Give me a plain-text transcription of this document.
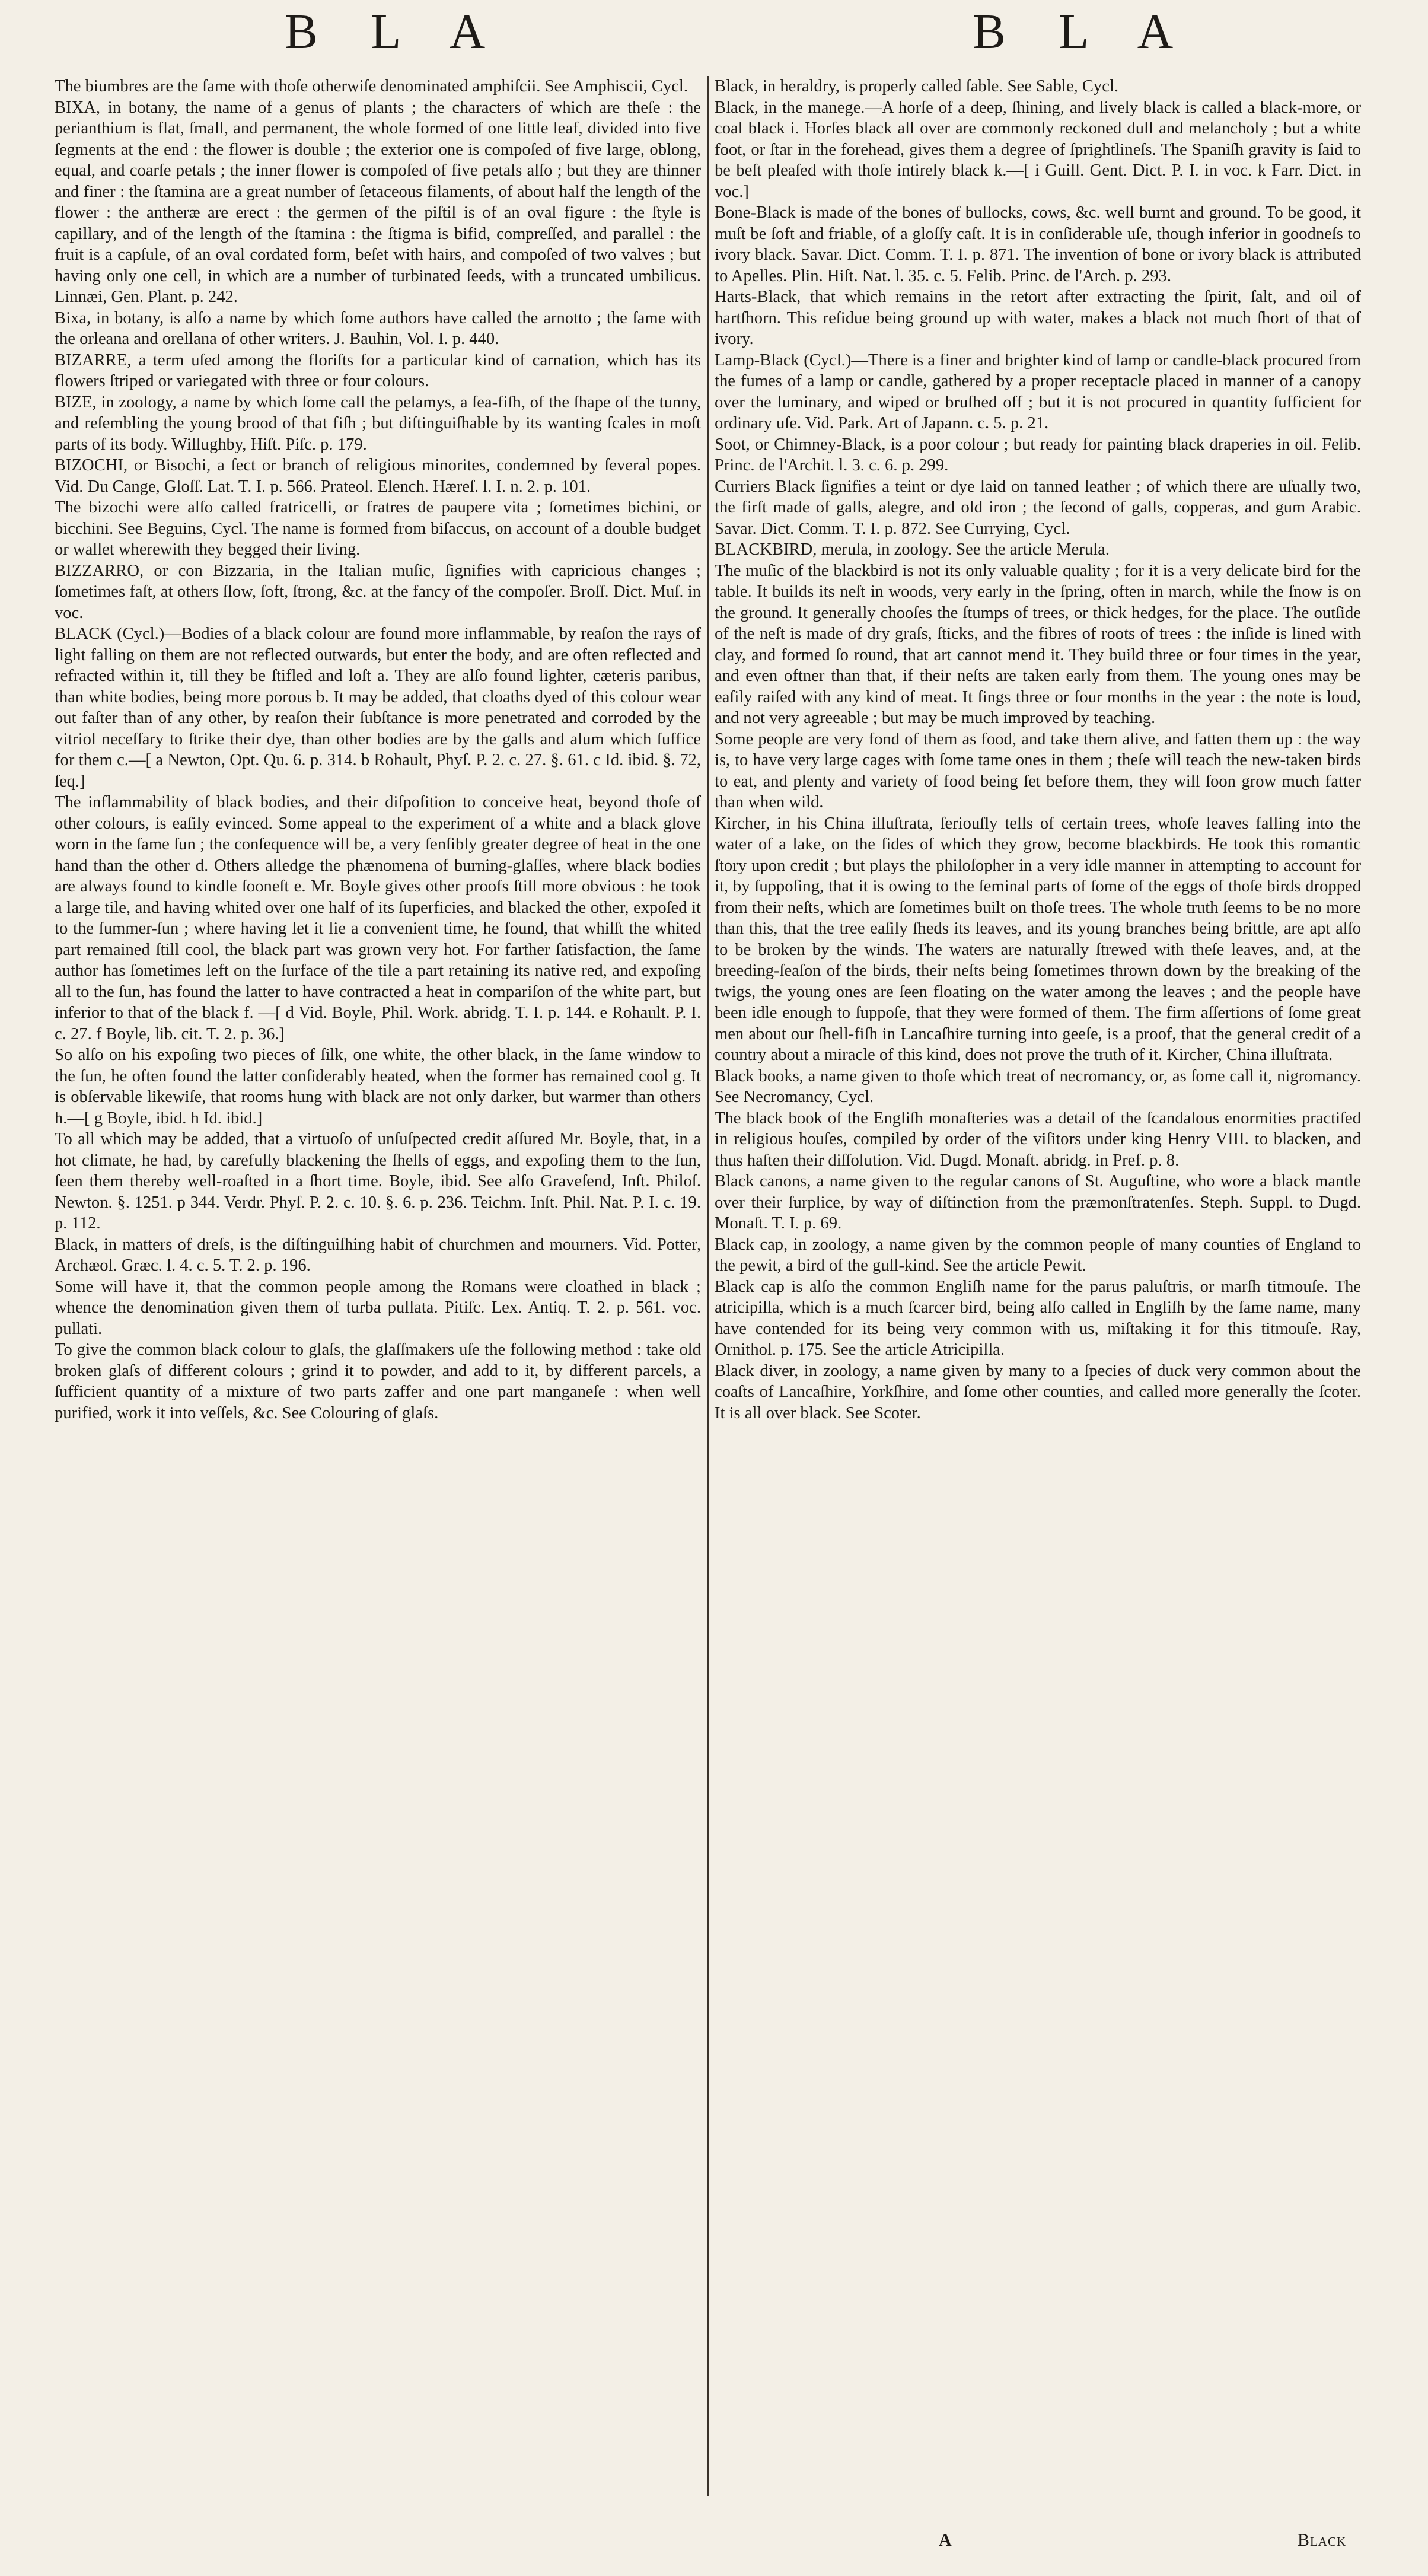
B L A	B L A

The biumbres are the ſame with thoſe otherwiſe denominated amphiſcii. See Amphiscii, Cycl.

BIXA, in botany, the name of a genus of plants ; the characters of which are theſe : the perianthium is flat, ſmall, and permanent, the whole formed of one little leaf, divided into five ſegments at the end : the flower is double ; the exterior one is compoſed of five large, oblong, equal, and coarſe petals ; the inner flower is compoſed of five petals alſo ; but they are thinner and finer : the ſtamina are a great number of ſetaceous filaments, of about half the length of the flower : the antheræ are erect : the germen of the piſtil is of an oval figure : the ſtyle is capillary, and of the length of the ſtamina : the ſtigma is bifid, compreſſed, and parallel : the fruit is a capſule, of an oval cordated form, beſet with hairs, and compoſed of two valves ; but having only one cell, in which are a number of turbinated ſeeds, with a truncated umbilicus. Linnæi, Gen. Plant. p. 242.

Bixa, in botany, is alſo a name by which ſome authors have called the arnotto ; the ſame with the orleana and orellana of other writers. J. Bauhin, Vol. I. p. 440.

BIZARRE, a term uſed among the floriſts for a particular kind of carnation, which has its flowers ſtriped or variegated with three or four colours.

BIZE, in zoology, a name by which ſome call the pelamys, a ſea-fiſh, of the ſhape of the tunny, and reſembling the young brood of that fiſh ; but diſtinguiſhable by its wanting ſcales in moſt parts of its body. Willughby, Hiſt. Piſc. p. 179.

BIZOCHI, or Bisochi, a ſect or branch of religious minorites, condemned by ſeveral popes. Vid. Du Cange, Gloſſ. Lat. T. I. p. 566. Prateol. Elench. Hæreſ. l. I. n. 2. p. 101.

The bizochi were alſo called fratricelli, or fratres de paupere vita ; ſometimes bichini, or bicchini. See Beguins, Cycl. The name is formed from biſaccus, on account of a double budget or wallet wherewith they begged their living.

BIZZARRO, or con Bizzaria, in the Italian muſic, ſignifies with capricious changes ; ſometimes faſt, at others ſlow, ſoft, ſtrong, &c. at the fancy of the compoſer. Broſſ. Dict. Muſ. in voc.

BLACK (Cycl.)—Bodies of a black colour are found more inflammable, by reaſon the rays of light falling on them are not reflected outwards, but enter the body, and are often reflected and refracted within it, till they be ſtifled and loſt a. They are alſo found lighter, cæteris paribus, than white bodies, being more porous b. It may be added, that cloaths dyed of this colour wear out faſter than of any other, by reaſon their ſubſtance is more penetrated and corroded by the vitriol neceſſary to ſtrike their dye, than other bodies are by the galls and alum which ſuffice for them c.—[ a Newton, Opt. Qu. 6. p. 314. b Rohault, Phyſ. P. 2. c. 27. §. 61. c Id. ibid. §. 72, ſeq.]

The inflammability of black bodies, and their diſpoſition to conceive heat, beyond thoſe of other colours, is eaſily evinced. Some appeal to the experiment of a white and a black glove worn in the ſame ſun ; the conſequence will be, a very ſenſibly greater degree of heat in the one hand than the other d. Others alledge the phænomena of burning-glaſſes, where black bodies are always found to kindle ſooneſt e. Mr. Boyle gives other proofs ſtill more obvious : he took a large tile, and having whited over one half of its ſuperficies, and blacked the other, expoſed it to the ſummer-ſun ; where having let it lie a convenient time, he found, that whilſt the whited part remained ſtill cool, the black part was grown very hot. For farther ſatisfaction, the ſame author has ſometimes left on the ſurface of the tile a part retaining its native red, and expoſing all to the ſun, has found the latter to have contracted a heat in compariſon of the white part, but inferior to that of the black f. —[ d Vid. Boyle, Phil. Work. abridg. T. I. p. 144. e Rohault. P. I. c. 27. f Boyle, lib. cit. T. 2. p. 36.]

So alſo on his expoſing two pieces of ſilk, one white, the other black, in the ſame window to the ſun, he often found the latter conſiderably heated, when the former has remained cool g. It is obſervable likewiſe, that rooms hung with black are not only darker, but warmer than others h.—[ g Boyle, ibid. h Id. ibid.]

To all which may be added, that a virtuoſo of unſuſpected credit aſſured Mr. Boyle, that, in a hot climate, he had, by carefully blackening the ſhells of eggs, and expoſing them to the ſun, ſeen them thereby well-roaſted in a ſhort time. Boyle, ibid. See alſo Graveſend, Inſt. Philoſ. Newton. §. 1251. p 344. Verdr. Phyſ. P. 2. c. 10. §. 6. p. 236. Teichm. Inſt. Phil. Nat. P. I. c. 19. p. 112.

Black, in matters of dreſs, is the diſtinguiſhing habit of churchmen and mourners. Vid. Potter, Archæol. Græc. l. 4. c. 5. T. 2. p. 196.

Some will have it, that the common people among the Romans were cloathed in black ; whence the denomination given them of turba pullata. Pitiſc. Lex. Antiq. T. 2. p. 561. voc. pullati.

To give the common black colour to glaſs, the glaſſmakers uſe the following method : take old broken glaſs of different colours ; grind it to powder, and add to it, by different parcels, a ſufficient quantity of a mixture of two parts zaffer and one part manganeſe : when well purified, work it into veſſels, &c. See Colouring of glaſs.

Black, in heraldry, is properly called ſable. See Sable, Cycl.

Black, in the manege.—A horſe of a deep, ſhining, and lively black is called a black-more, or coal black i. Horſes black all over are commonly reckoned dull and melancholy ; but a white foot, or ſtar in the forehead, gives them a degree of ſprightlineſs. The Spaniſh gravity is ſaid to be beſt pleaſed with thoſe intirely black k.—[ i Guill. Gent. Dict. P. I. in voc. k Farr. Dict. in voc.]

Bone-Black is made of the bones of bullocks, cows, &c. well burnt and ground. To be good, it muſt be ſoft and friable, of a gloſſy caſt. It is in conſiderable uſe, though inferior in goodneſs to ivory black. Savar. Dict. Comm. T. I. p. 871. The invention of bone or ivory black is attributed to Apelles. Plin. Hiſt. Nat. l. 35. c. 5. Felib. Princ. de l'Arch. p. 293.

Harts-Black, that which remains in the retort after extracting the ſpirit, ſalt, and oil of hartſhorn. This reſidue being ground up with water, makes a black not much ſhort of that of ivory.

Lamp-Black (Cycl.)—There is a finer and brighter kind of lamp or candle-black procured from the fumes of a lamp or candle, gathered by a proper receptacle placed in manner of a canopy over the luminary, and wiped or bruſhed off ; but it is not procured in quantity ſufficient for ordinary uſe. Vid. Park. Art of Japann. c. 5. p. 21.

Soot, or Chimney-Black, is a poor colour ; but ready for painting black draperies in oil. Felib. Princ. de l'Archit. l. 3. c. 6. p. 299.

Curriers Black ſignifies a teint or dye laid on tanned leather ; of which there are uſually two, the firſt made of galls, alegre, and old iron ; the ſecond of galls, copperas, and gum Arabic. Savar. Dict. Comm. T. I. p. 872. See Currying, Cycl.

BLACKBIRD, merula, in zoology. See the article Merula.

The muſic of the blackbird is not its only valuable quality ; for it is a very delicate bird for the table. It builds its neſt in woods, very early in the ſpring, often in march, while the ſnow is on the ground. It generally chooſes the ſtumps of trees, or thick hedges, for the place. The outſide of the neſt is made of dry graſs, ſticks, and the fibres of roots of trees : the inſide is lined with clay, and formed ſo round, that art cannot mend it. They build three or four times in the year, and even oftner than that, if their neſts are taken early from them. The young ones may be eaſily raiſed with any kind of meat. It ſings three or four months in the year : the note is loud, and not very agreeable ; but may be much improved by teaching.

Some people are very fond of them as food, and take them alive, and fatten them up : the way is, to have very large cages with ſome tame ones in them ; theſe will teach the new-taken birds to eat, and plenty and variety of food being ſet before them, they will ſoon grow much fatter than when wild.

Kircher, in his China illuſtrata, ſeriouſly tells of certain trees, whoſe leaves falling into the water of a lake, on the ſides of which they grow, become blackbirds. He took this romantic ſtory upon credit ; but plays the philoſopher in a very idle manner in attempting to account for it, by ſuppoſing, that it is owing to the ſeminal parts of ſome of the eggs of thoſe birds dropped from their neſts, which are ſometimes built on thoſe trees. The whole truth ſeems to be no more than this, that the tree eaſily ſheds its leaves, and its young branches being brittle, are apt alſo to be broken by the winds. The waters are naturally ſtrewed with theſe leaves, and, at the breeding-ſeaſon of the birds, their neſts being ſometimes thrown down by the breaking of the twigs, the young ones are ſeen floating on the water among the leaves ; and the people have been idle enough to ſuppoſe, that they were formed of them. The firm aſſertions of ſome great men about our ſhell-fiſh in Lancaſhire turning into geeſe, is a proof, that the general credit of a country about a miracle of this kind, does not prove the truth of it. Kircher, China illuſtrata.

Black books, a name given to thoſe which treat of necromancy, or, as ſome call it, nigromancy. See Necromancy, Cycl.

The black book of the Engliſh monaſteries was a detail of the ſcandalous enormities practiſed in religious houſes, compiled by order of the viſitors under king Henry VIII. to blacken, and thus haſten their diſſolution. Vid. Dugd. Monaſt. abridg. in Pref. p. 8.

Black canons, a name given to the regular canons of St. Auguſtine, who wore a black mantle over their ſurplice, by way of diſtinction from the præmonſtratenſes. Steph. Suppl. to Dugd. Monaſt. T. I. p. 69.

Black cap, in zoology, a name given by the common people of many counties of England to the pewit, a bird of the gull-kind. See the article Pewit.

Black cap is alſo the common Engliſh name for the parus paluſtris, or marſh titmouſe. The atricipilla, which is a much ſcarcer bird, being alſo called in Engliſh by the ſame name, many have contended for its being very common with us, miſtaking it for this titmouſe. Ray, Ornithol. p. 175. See the article Atricipilla.

Black diver, in zoology, a name given by many to a ſpecies of duck very common about the coaſts of Lancaſhire, Yorkſhire, and ſome other counties, and called more generally the ſcoter. It is all over black. See Scoter.

A	Black
